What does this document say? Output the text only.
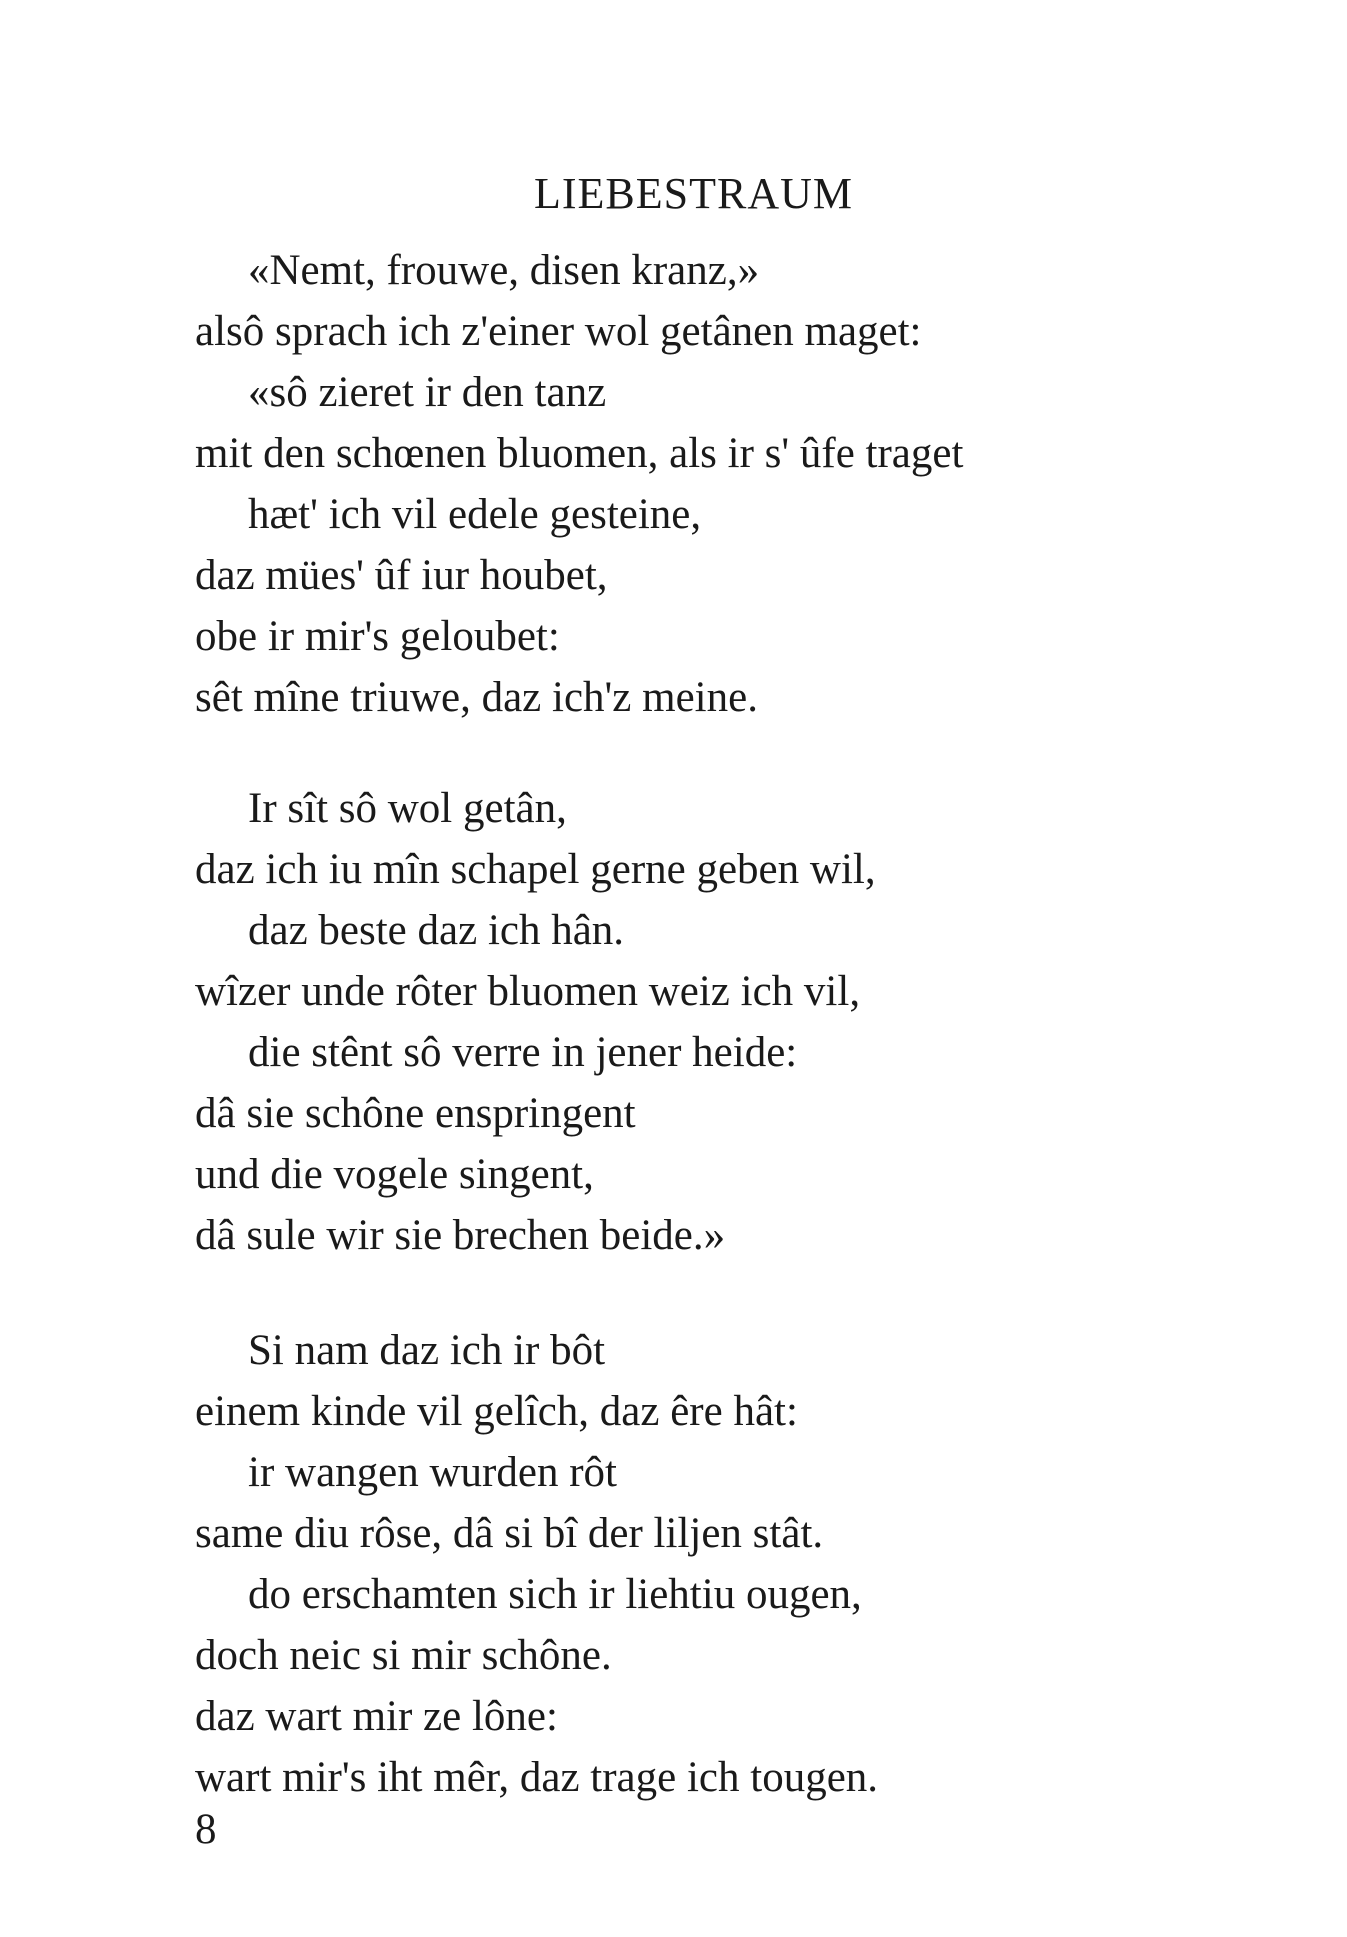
LIEBESTRAUM
«Nemt, frouwe, disen kranz,»
alsô sprach ich z'einer wol getânen maget:
«sô zieret ir den tanz
mit den schœnen bluomen, als ir s' ûfe traget
hæt' ich vil edele gesteine,
daz mües' ûf iur houbet,
obe ir mir's geloubet:
sêt mîne triuwe, daz ich'z meine.
Ir sît sô wol getân,
daz ich iu mîn schapel gerne geben wil,
daz beste daz ich hân.
wîzer unde rôter bluomen weiz ich vil,
die stênt sô verre in jener heide:
dâ sie schône enspringent
und die vogele singent,
dâ sule wir sie brechen beide.»
Si nam daz ich ir bôt
einem kinde vil gelîch, daz êre hât:
ir wangen wurden rôt
same diu rôse, dâ si bî der liljen stât.
do erschamten sich ir liehtiu ougen,
doch neic si mir schône.
daz wart mir ze lône:
wart mir's iht mêr, daz trage ich tougen.

8
